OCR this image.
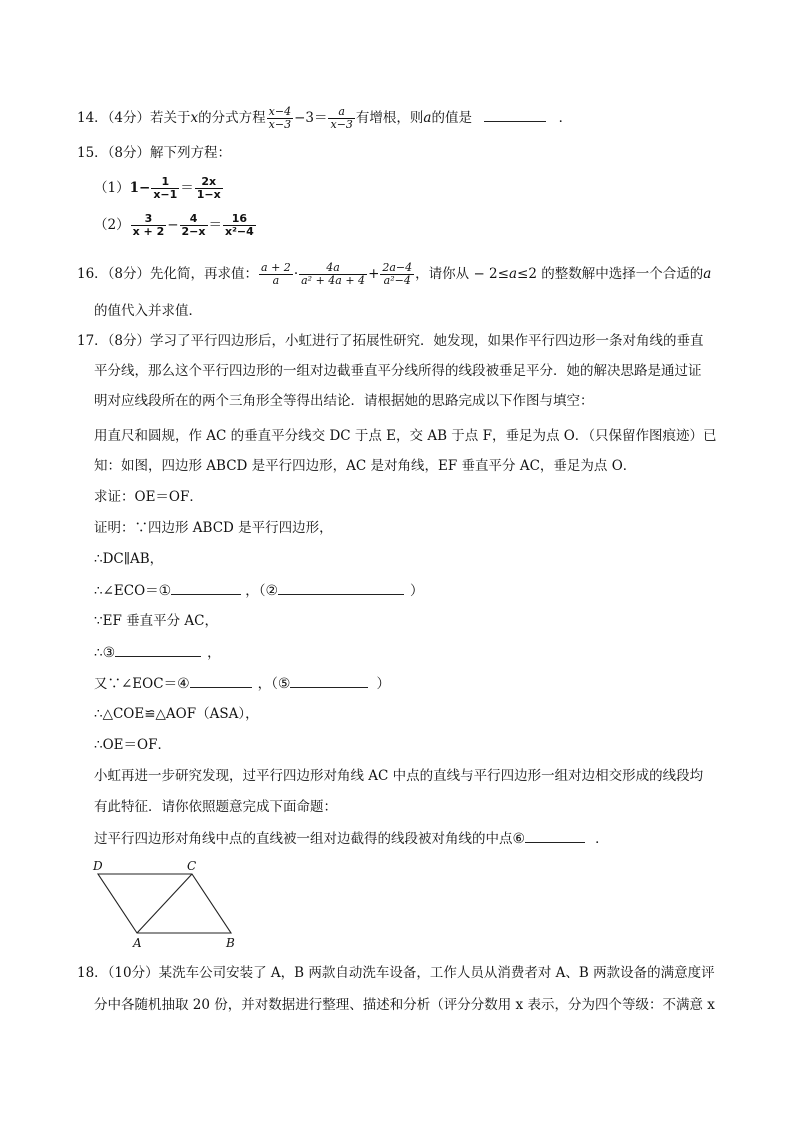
14．（4分）若关于x的分式方程 $\frac{x-4}{x-3} -3= \frac{a}{x-3}$ 有增根，则a的值是	．
15．（8分）解下列方程：
$(1)1- \frac{1}{x-1} = \frac{2x}{1-x}$
$(2) \frac{3}{x + 2} - \frac{4}{2-x} = \frac{16}{\text{x²−4}}$
16．（8分）先化简，再求值： $\frac{a + 2}{a} \cdot \frac{4a}{\text{a² + 4a + 4}} + \frac{2a-4}{\text{a²−4}}$ ，请你从 − 2≤a≤2 的整数解中选择一个合适的a
的值代入并求值．
17．（8分）学习了平行四边形后，小虹进行了拓展性研究．她发现，如果作平行四边形一条对角线的垂直
平分线，那么这个平行四边形的一组对边截垂直平分线所得的线段被垂足平分．她的解决思路是通过证
明对应线段所在的两个三角形全等得出结论．请根据她的思路完成以下作图与填空：
用直尺和圆规，作 AC 的垂直平分线交 DC 于点 E，交 AB 于点 F，垂足为点 O．（只保留作图痕迹）已
知：如图，四边形 ABCD 是平行四边形，AC 是对角线，EF 垂直平分 AC，垂足为点 O．
求证：OE＝OF．
证明：∵四边形 ABCD 是平行四边形，
∴DC∥AB，
∴∠ECO＝①	，（②	）
∵EF 垂直平分 AC，
∴③	，
又∵∠EOC＝④	，（⑤	）
∴△COE≌△AOF（ASA），
∴OE＝OF．
小虹再进一步研究发现，过平行四边形对角线 AC 中点的直线与平行四边形一组对边相交形成的线段均
有此特征．请你依照题意完成下面命题：
过平行四边形对角线中点的直线被一组对边截得的线段被对角线的中点⑥	．
D	C
A	B
18．（10分）某洗车公司安装了 A，B 两款自动洗车设备，工作人员从消费者对 A、B 两款设备的满意度评
分中各随机抽取 20 份，并对数据进行整理、描述和分析（评分分数用 x 表示，分为四个等级：不满意 x
